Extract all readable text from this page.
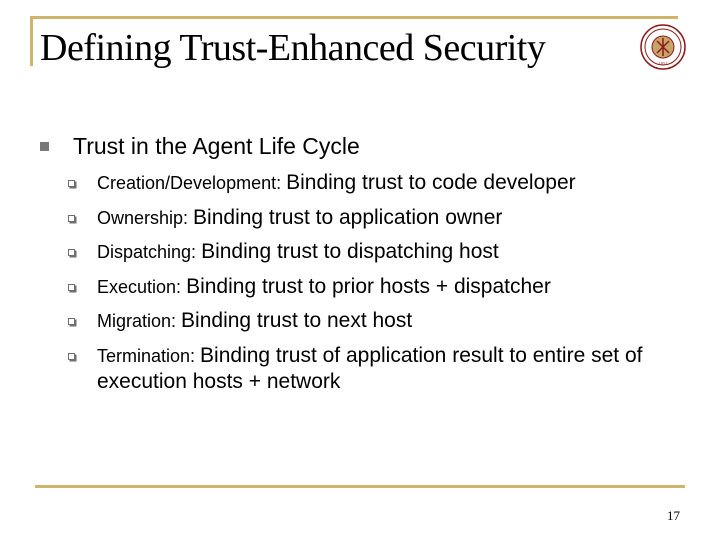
Defining Trust-Enhanced Security	1851
Trust in the Agent Life Cycle
Creation/Development: Binding trust to code developer
Ownership: Binding trust to application owner
Dispatching: Binding trust to dispatching host
Execution: Binding trust to prior hosts + dispatcher
Migration: Binding trust to next host
Termination: Binding trust of application result to entire set of execution hosts + network
17
